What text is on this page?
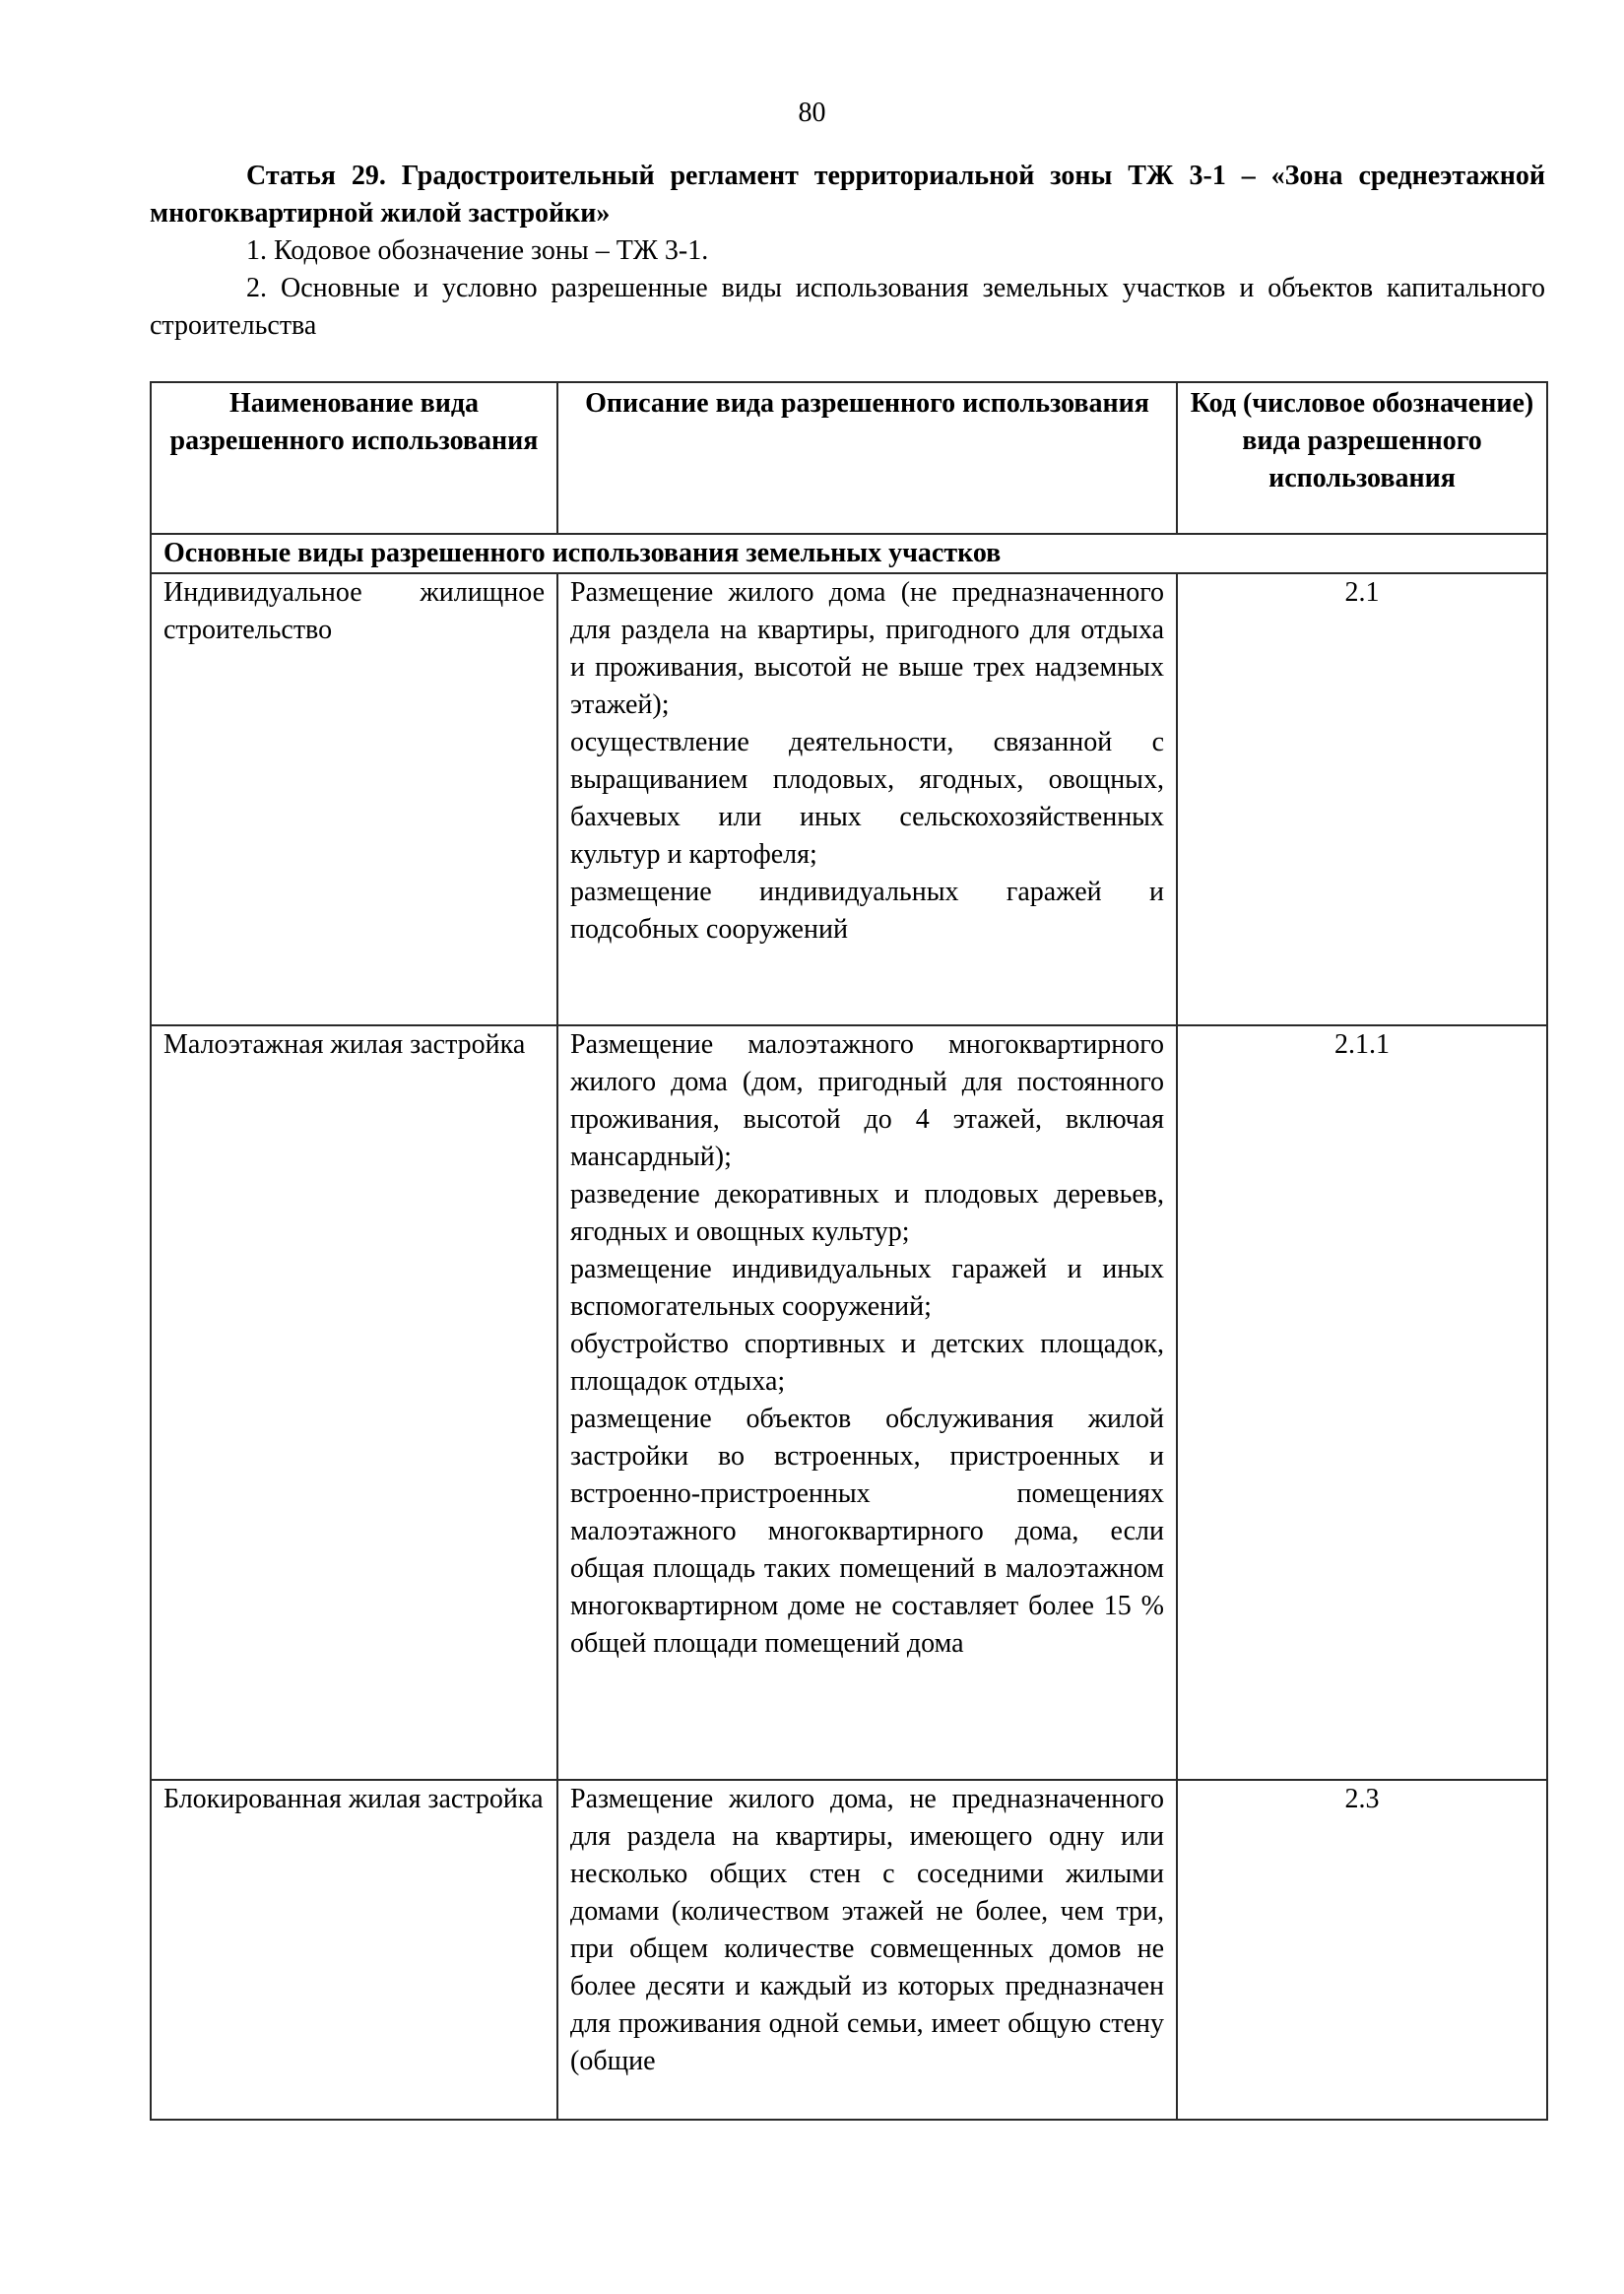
80

Статья 29. Градостроительный регламент территориальной зоны ТЖ 3-1 – «Зона среднеэтажной многоквартирной жилой застройки»

1. Кодовое обозначение зоны – ТЖ 3-1.

2. Основные и условно разрешенные виды использования земельных участков и объектов капитального строительства

Наименование вида разрешенного использования	Описание вида разрешенного использования	Код (числовое обозначение) вида разрешенного использования
Основные виды разрешенного использования земельных участков		
Индивидуальное жилищное строительство	Размещение жилого дома (не предназначенного для раздела на квартиры, пригодного для отдыха и проживания, высотой не выше трех надземных этажей);

осуществление деятельности, связанной с выращиванием плодовых, ягодных, овощных, бахчевых или иных сельскохозяйственных культур и картофеля;

размещение индивидуальных гаражей и подсобных сооружений	2.1
Малоэтажная жилая застройка	Размещение малоэтажного многоквартирного жилого дома (дом, пригодный для постоянного проживания, высотой до 4 этажей, включая мансардный);

разведение декоративных и плодовых деревьев, ягодных и овощных культур;

размещение индивидуальных гаражей и иных вспомогательных сооружений;

обустройство спортивных и детских площадок, площадок отдыха;

размещение объектов обслуживания жилой застройки во встроенных, пристроенных и встроенно-пристроенных помещениях малоэтажного многоквартирного дома, если общая площадь таких помещений в малоэтажном многоквартирном доме не составляет более 15 % общей площади помещений дома	2.1.1
Блокированная жилая застройка	Размещение жилого дома, не предназначенного для раздела на квартиры, имеющего одну или несколько общих стен с соседними жилыми домами (количеством этажей не более, чем три, при общем количестве совмещенных домов не более десяти и каждый из которых предназначен для проживания одной семьи, имеет общую стену (общие	2.3
